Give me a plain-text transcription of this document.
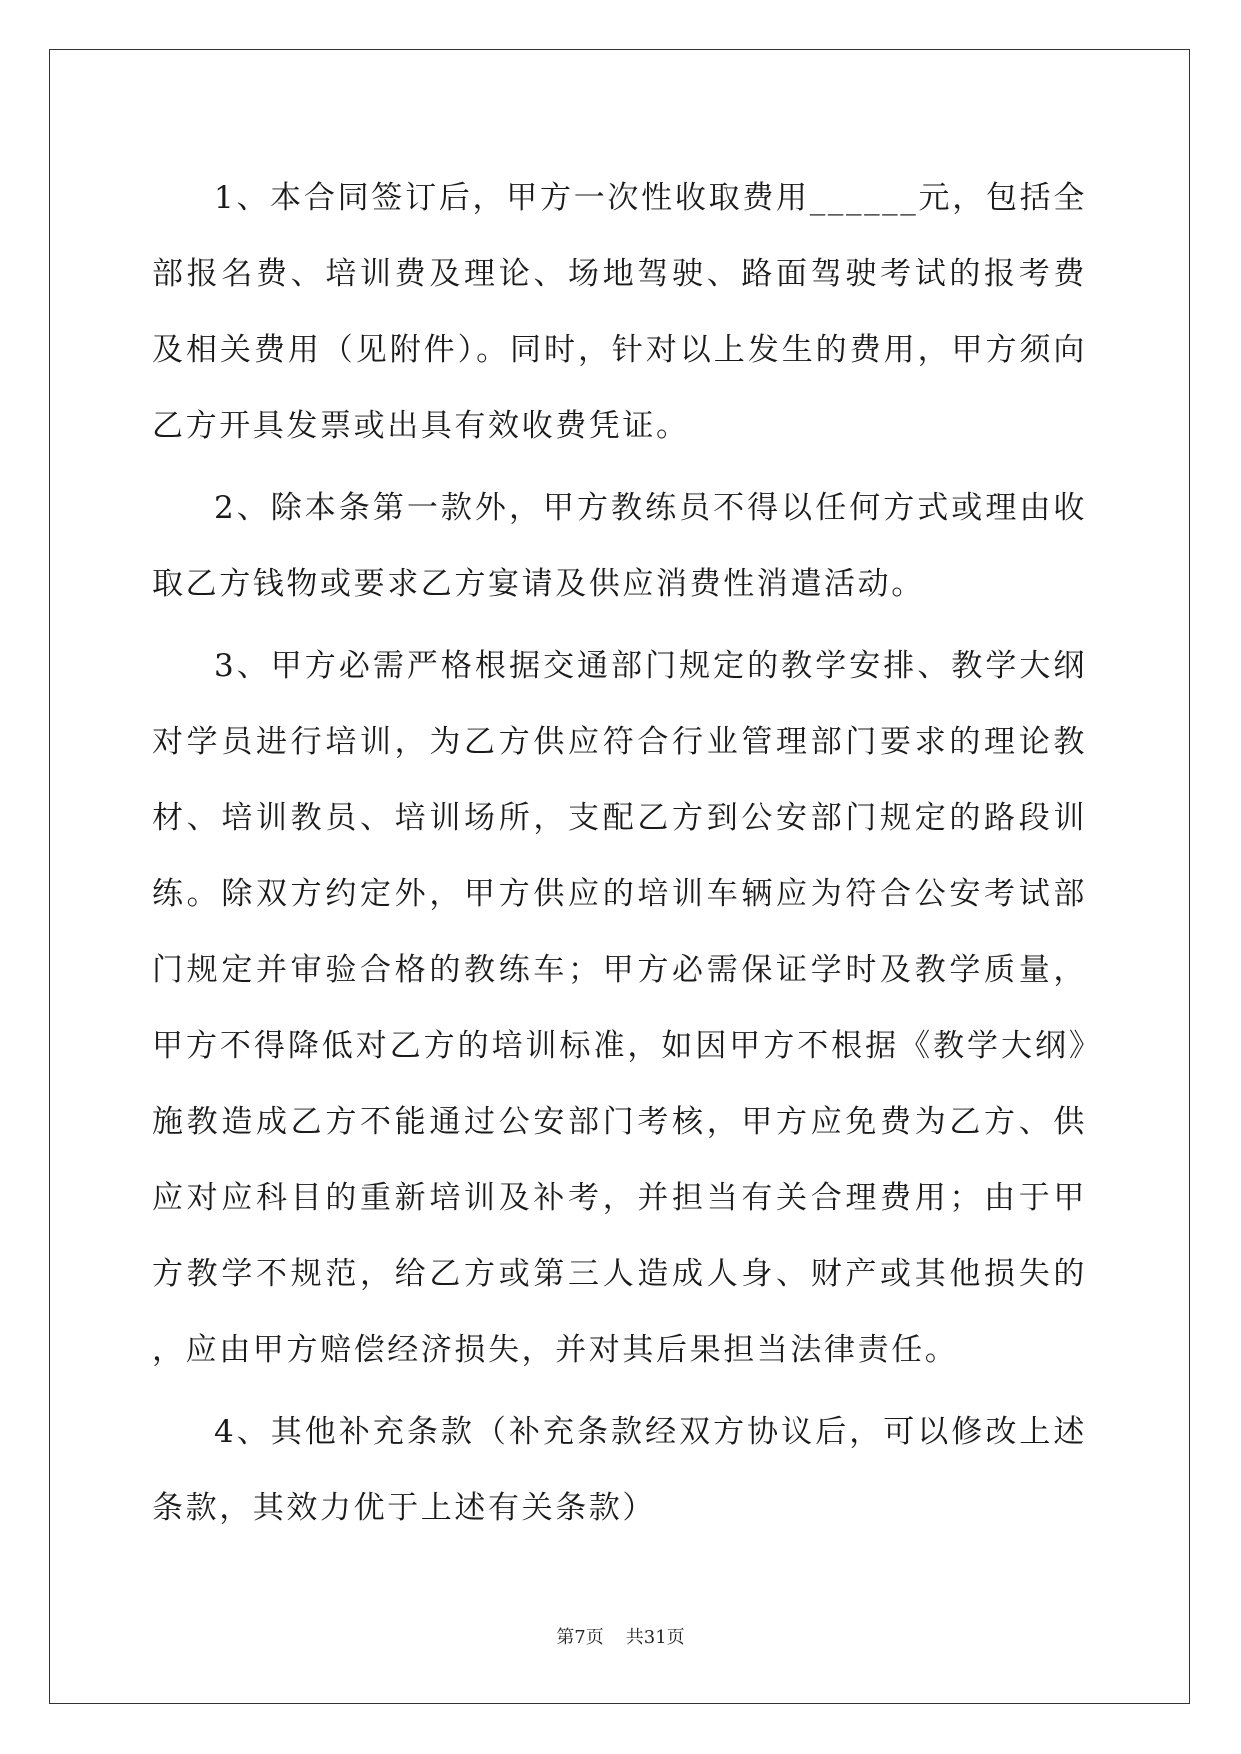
1、本合同签订后，甲方一次性收取费用______元，包括全部报名费、培训费及理论、场地驾驶、路面驾驶考试的报考费及相关费用（见附件）。同时，针对以上发生的费用，甲方须向乙方开具发票或出具有效收费凭证。

2、除本条第一款外，甲方教练员不得以任何方式或理由收取乙方钱物或要求乙方宴请及供应消费性消遣活动。

3、甲方必需严格根据交通部门规定的教学安排、教学大纲对学员进行培训，为乙方供应符合行业管理部门要求的理论教材、培训教员、培训场所，支配乙方到公安部门规定的路段训练。除双方约定外，甲方供应的培训车辆应为符合公安考试部门规定并审验合格的教练车；甲方必需保证学时及教学质量，甲方不得降低对乙方的培训标准，如因甲方不根据《教学大纲》施教造成乙方不能通过公安部门考核，甲方应免费为乙方、供应对应科目的重新培训及补考，并担当有关合理费用；由于甲方教学不规范，给乙方或第三人造成人身、财产或其他损失的，应由甲方赔偿经济损失，并对其后果担当法律责任。

4、其他补充条款（补充条款经双方协议后，可以修改上述条款，其效力优于上述有关条款）

第7页 共31页
